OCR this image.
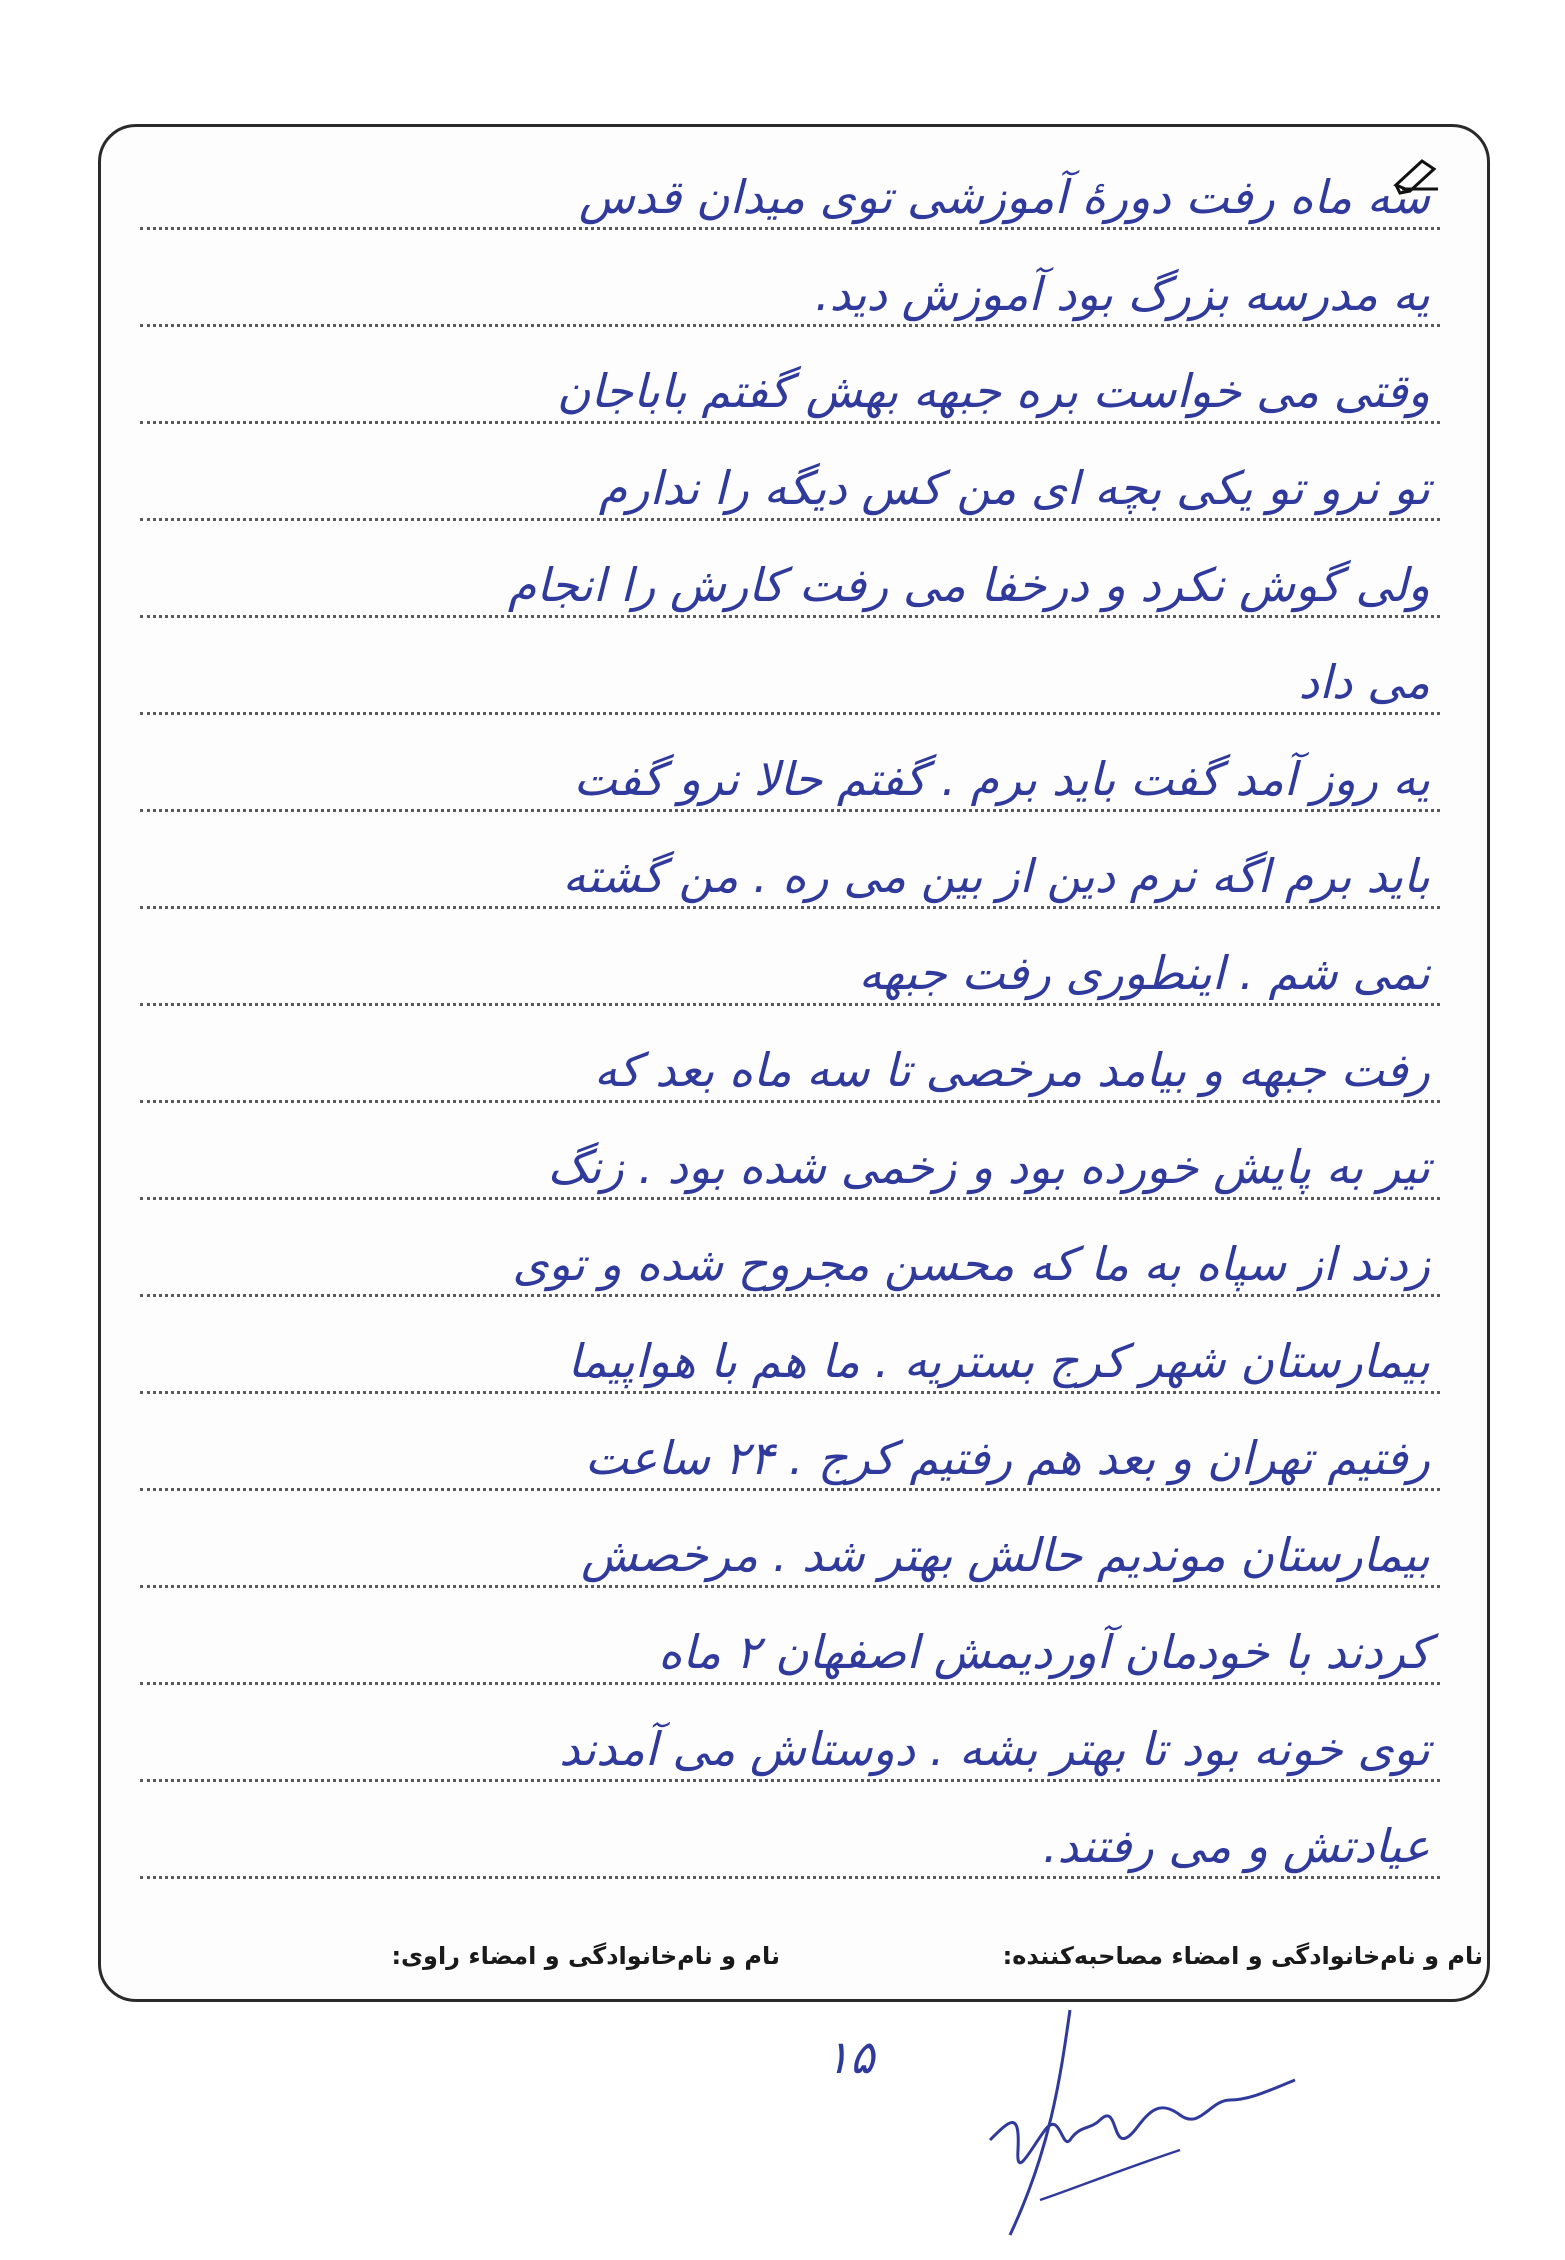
سه ماه رفت دورهٔ آموزشی توی میدان قدس
یه مدرسه بزرگ بود آموزش دید.
وقتی می خواست بره جبهه بهش گفتم باباجان
تو نرو تو یکی بچه ای من کس دیگه را ندارم
ولی گوش نکرد و درخفا می رفت کارش را انجام
می داد
یه روز آمد گفت باید برم . گفتم حالا نرو گفت
باید برم اگه نرم دین از بین می ره . من گشته
نمی شم . اینطوری رفت جبهه
رفت جبهه و بیامد مرخصی تا سه ماه بعد که
تیر به پایش خورده بود و زخمی شده بود . زنگ
زدند از سپاه به ما که محسن مجروح شده و توی
بیمارستان شهر کرج بستریه . ما هم با هواپیما
رفتیم تهران و بعد هم رفتیم کرج . ۲۴ ساعت
بیمارستان موندیم حالش بهتر شد . مرخصش
کردند با خودمان آوردیمش اصفهان ۲ ماه
توی خونه بود تا بهتر بشه . دوستاش می آمدند
عیادتش و می رفتند.
نام و نام‌خانوادگی و امضاء مصاحبه‌کننده:
نام و نام‌خانوادگی و امضاء راوی:
۱۵
